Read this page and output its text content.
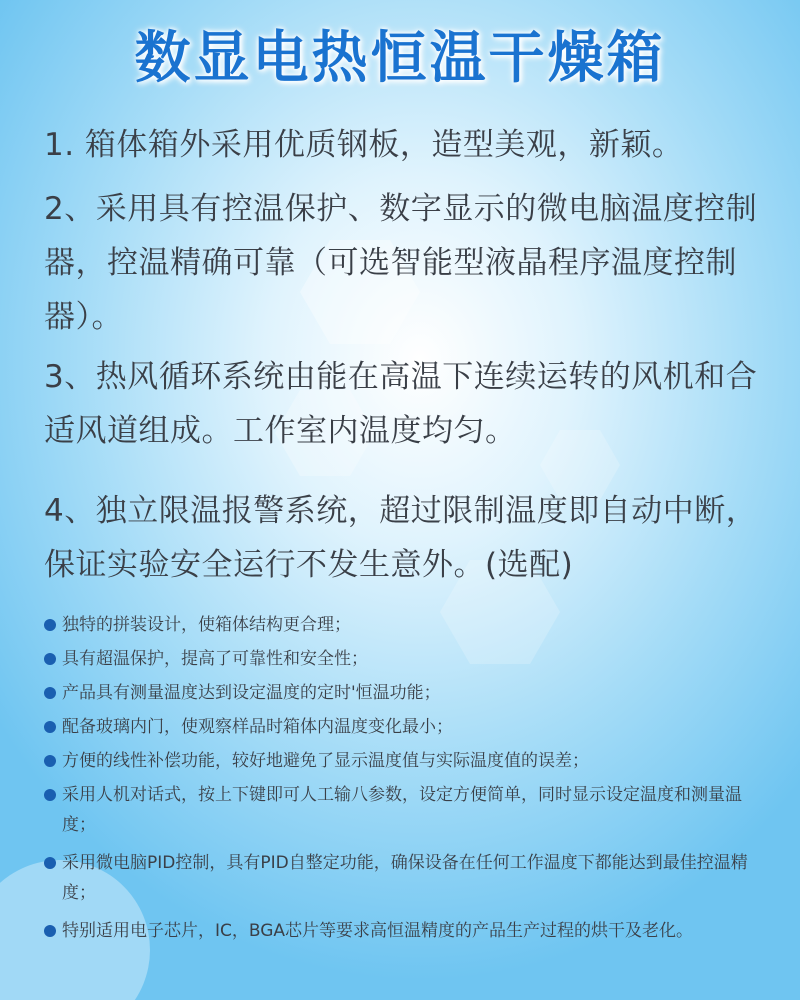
数显电热恒温干燥箱

1. 箱体箱外采用优质钢板，造型美观，新颖。

2、采用具有控温保护、数字显示的微电脑温度控制器，控温精确可靠（可选智能型液晶程序温度控制器）。

3、热风循环系统由能在高温下连续运转的风机和合适风道组成。工作室内温度均匀。

4、独立限温报警系统，超过限制温度即自动中断，保证实验安全运行不发生意外。(选配)

独特的拼装设计，使箱体结构更合理；
具有超温保护，提高了可靠性和安全性；
产品具有测量温度达到设定温度的定时'恒温功能；
配备玻璃内门，使观察样品时箱体内温度变化最小；
方便的线性补偿功能，较好地避免了显示温度值与实际温度值的误差；
采用人机对话式，按上下键即可人工输八参数，设定方便简单，同时显示设定温度和测量温度；
采用微电脑PID控制，具有PID自整定功能，确保设备在任何工作温度下都能达到最佳控温精度；
特别适用电子芯片，IC，BGA芯片等要求高恒温精度的产品生产过程的烘干及老化。
